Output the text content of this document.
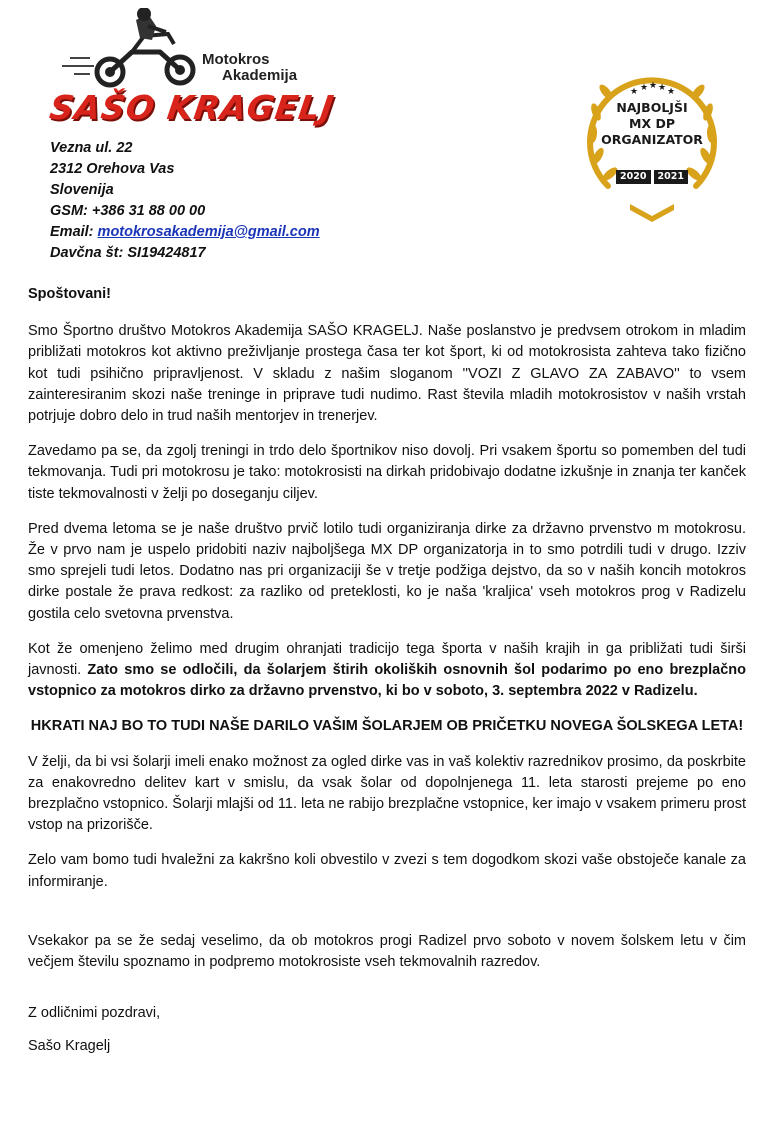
Motokros
Akademija
SAŠO KRAGELJ
Vezna ul. 22
2312 Orehova Vas
Slovenija
GSM: +386 31 88 00 00
Email: motokrosakademija@gmail.com
Davčna št: SI19424817
★ ★ ★ ★ ★
NAJBOLJŠI
MX DP
ORGANIZATOR
2020	2021

Spoštovani!

Smo Športno društvo Motokros Akademija SAŠO KRAGELJ. Naše poslanstvo je predvsem otrokom in mladim približati motokros kot aktivno preživljanje prostega časa ter kot šport, ki od motokrosista zahteva tako fizično kot tudi psihično pripravljenost. V skladu z našim sloganom ''VOZI Z GLAVO ZA ZABAVO'' to vsem zainteresiranim skozi naše treninge in priprave tudi nudimo. Rast števila mladih motokrosistov v naših vrstah potrjuje dobro delo in trud naših mentorjev in trenerjev.

Zavedamo pa se, da zgolj treningi in trdo delo športnikov niso dovolj. Pri vsakem športu so pomemben del tudi tekmovanja. Tudi pri motokrosu je tako: motokrosisti na dirkah pridobivajo dodatne izkušnje in znanja ter kanček tiste tekmovalnosti v želji po doseganju ciljev.

Pred dvema letoma se je naše društvo prvič lotilo tudi organiziranja dirke za državno prvenstvo m motokrosu. Že v prvo nam je uspelo pridobiti naziv najboljšega MX DP organizatorja in to smo potrdili tudi v drugo. Izziv smo sprejeli tudi letos. Dodatno nas pri organizaciji še v tretje podžiga dejstvo, da so v naših koncih motokros dirke postale že prava redkost: za razliko od preteklosti, ko je naša 'kraljica' vseh motokros prog v Radizelu gostila celo svetovna prvenstva.

Kot že omenjeno želimo med drugim ohranjati tradicijo tega športa v naših krajih in ga približati tudi širši javnosti. Zato smo se odločili, da šolarjem štirih okoliških osnovnih šol podarimo po eno brezplačno vstopnico za motokros dirko za državno prvenstvo, ki bo v soboto, 3. septembra 2022 v Radizelu.

HKRATI NAJ BO TO TUDI NAŠE DARILO VAŠIM ŠOLARJEM OB PRIČETKU NOVEGA ŠOLSKEGA LETA!

V želji, da bi vsi šolarji imeli enako možnost za ogled dirke vas in vaš kolektiv razrednikov prosimo, da poskrbite za enakovredno delitev kart v smislu, da vsak šolar od dopolnjenega 11. leta starosti prejeme po eno brezplačno vstopnico. Šolarji mlajši od 11. leta ne rabijo brezplačne vstopnice, ker imajo v vsakem primeru prost vstop na prizorišče.

Zelo vam bomo tudi hvaležni za kakršno koli obvestilo v zvezi s tem dogodkom skozi vaše obstoječe kanale za informiranje.

Vsekakor pa se že sedaj veselimo, da ob motokros progi Radizel prvo soboto v novem šolskem letu v čim večjem številu spoznamo in podpremo motokrosiste vseh tekmovalnih razredov.

Z odličnimi pozdravi,

Sašo Kragelj
